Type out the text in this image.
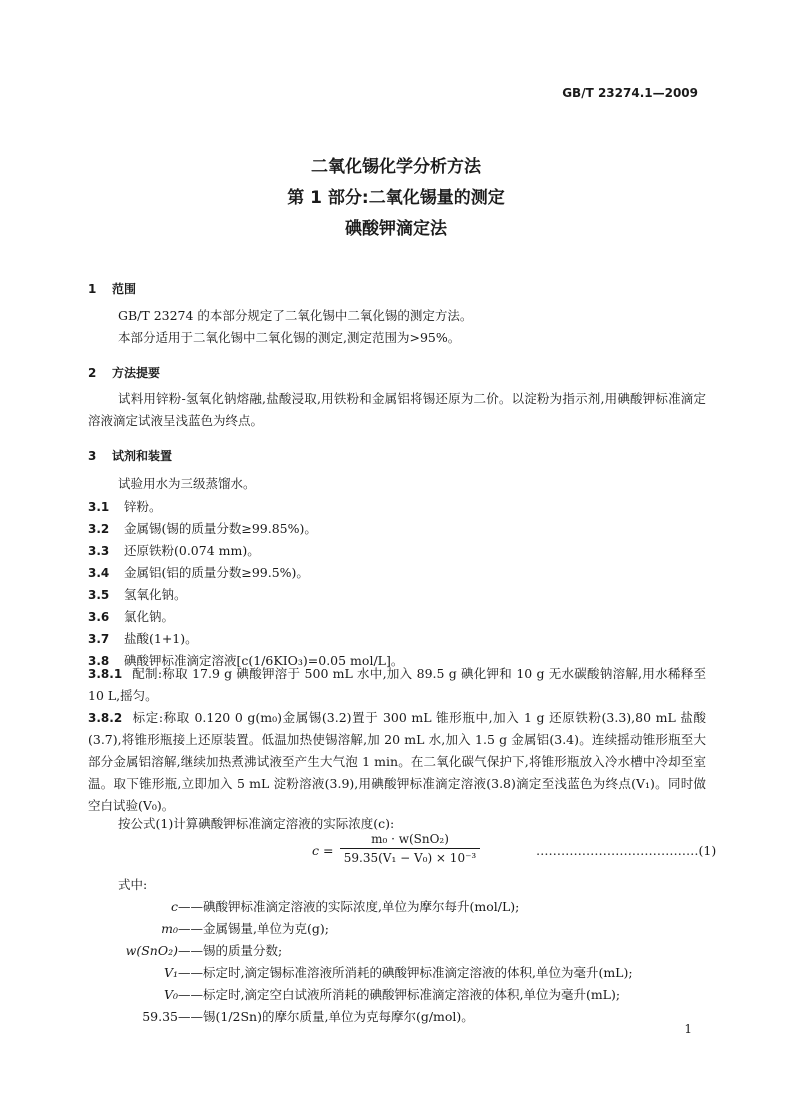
GB/T 23274.1—2009
二氧化锡化学分析方法
第 1 部分:二氧化锡量的测定
碘酸钾滴定法
1 范围
GB/T 23274 的本部分规定了二氧化锡中二氧化锡的测定方法。
本部分适用于二氧化锡中二氧化锡的测定,测定范围为>95%。
2 方法提要
试料用锌粉-氢氧化钠熔融,盐酸浸取,用铁粉和金属铝将锡还原为二价。以淀粉为指示剂,用碘酸钾标准滴定溶液滴定试液呈浅蓝色为终点。
3 试剂和装置
试验用水为三级蒸馏水。
3.1 锌粉。
3.2 金属锡(锡的质量分数≥99.85%)。
3.3 还原铁粉(0.074 mm)。
3.4 金属铝(铝的质量分数≥99.5%)。
3.5 氢氧化钠。
3.6 氯化钠。
3.7 盐酸(1+1)。
3.8 碘酸钾标准滴定溶液[c(1/6KIO₃)=0.05 mol/L]。
3.8.1 配制:称取 17.9 g 碘酸钾溶于 500 mL 水中,加入 89.5 g 碘化钾和 10 g 无水碳酸钠溶解,用水稀释至 10 L,摇匀。
3.8.2 标定:称取 0.120 0 g(m₀)金属锡(3.2)置于 300 mL 锥形瓶中,加入 1 g 还原铁粉(3.3),80 mL 盐酸(3.7),将锥形瓶接上还原装置。低温加热使锡溶解,加 20 mL 水,加入 1.5 g 金属铝(3.4)。连续摇动锥形瓶至大部分金属铝溶解,继续加热煮沸试液至产生大气泡 1 min。在二氧化碳气保护下,将锥形瓶放入冷水槽中冷却至室温。取下锥形瓶,立即加入 5 mL 淀粉溶液(3.9),用碘酸钾标准滴定溶液(3.8)滴定至浅蓝色为终点(V₁)。同时做空白试验(V₀)。
按公式(1)计算碘酸钾标准滴定溶液的实际浓度(c):
c =
m₀ · w(SnO₂)
59.35(V₁ − V₀) × 10⁻³	…………………………………(1)
式中:
c——碘酸钾标准滴定溶液的实际浓度,单位为摩尔每升(mol/L);
m₀——金属锡量,单位为克(g);
w(SnO₂)——锡的质量分数;
V₁——标定时,滴定锡标准溶液所消耗的碘酸钾标准滴定溶液的体积,单位为毫升(mL);
V₀——标定时,滴定空白试液所消耗的碘酸钾标准滴定溶液的体积,单位为毫升(mL);
59.35——锡(1/2Sn)的摩尔质量,单位为克每摩尔(g/mol)。
1
